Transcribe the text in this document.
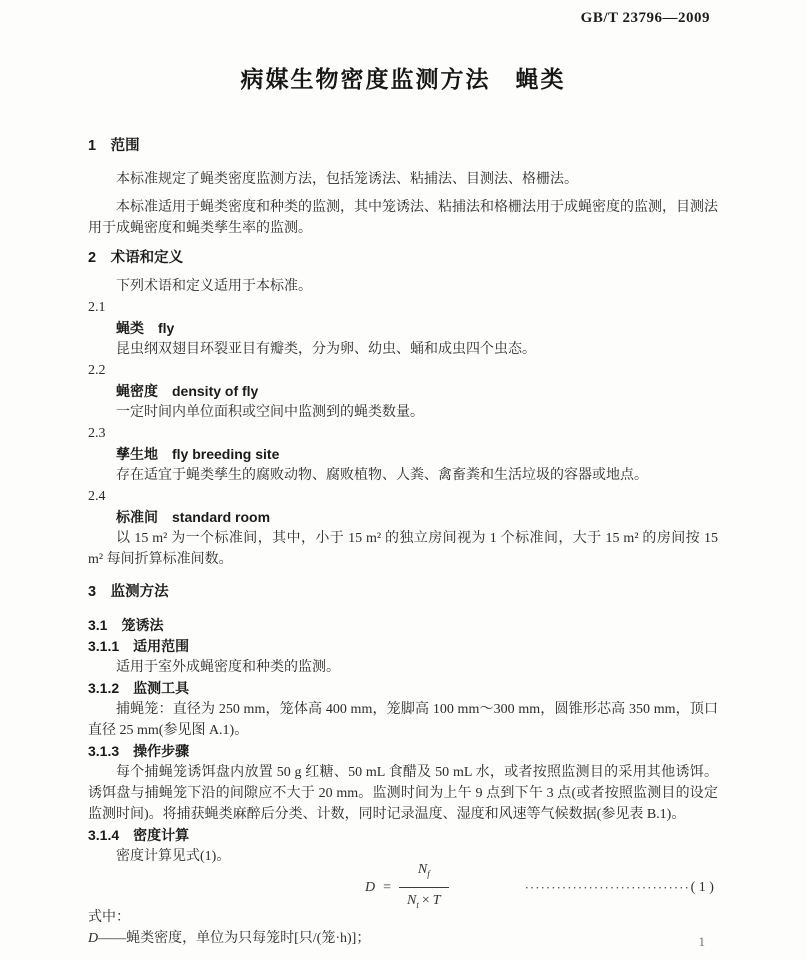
GB/T 23796—2009
病媒生物密度监测方法　蝇类
1　范围
本标准规定了蝇类密度监测方法，包括笼诱法、粘捕法、目测法、格栅法。
本标准适用于蝇类密度和种类的监测，其中笼诱法、粘捕法和格栅法用于成蝇密度的监测，目测法用于成蝇密度和蝇类孳生率的监测。
2　术语和定义
下列术语和定义适用于本标准。
2.1
蝇类　fly
昆虫纲双翅目环裂亚目有瓣类，分为卵、幼虫、蛹和成虫四个虫态。
2.2
蝇密度　density of fly
一定时间内单位面积或空间中监测到的蝇类数量。
2.3
孳生地　fly breeding site
存在适宜于蝇类孳生的腐败动物、腐败植物、人粪、禽畜粪和生活垃圾的容器或地点。
2.4
标准间　standard room
以 15 m² 为一个标准间，其中，小于 15 m² 的独立房间视为 1 个标准间，大于 15 m² 的房间按 15 m² 每间折算标准间数。
3　监测方法
3.1　笼诱法
3.1.1　适用范围
适用于室外成蝇密度和种类的监测。
3.1.2　监测工具
捕蝇笼：直径为 250 mm，笼体高 400 mm，笼脚高 100 mm～300 mm，圆锥形芯高 350 mm，顶口直径 25 mm(参见图 A.1)。
3.1.3　操作步骤
每个捕蝇笼诱饵盘内放置 50 g 红糖、50 mL 食醋及 50 mL 水，或者按照监测目的采用其他诱饵。诱饵盘与捕蝇笼下沿的间隙应不大于 20 mm。监测时间为上午 9 点到下午 3 点(或者按照监测目的设定监测时间)。将捕获蝇类麻醉后分类、计数，同时记录温度、湿度和风速等气候数据(参见表 B.1)。
3.1.4　密度计算
密度计算见式(1)。
$D = \frac{N_f}{N_t \times T}$	······························· ( 1 )
式中：
D——蝇类密度，单位为只每笼时[只/(笼·h)]；	1
